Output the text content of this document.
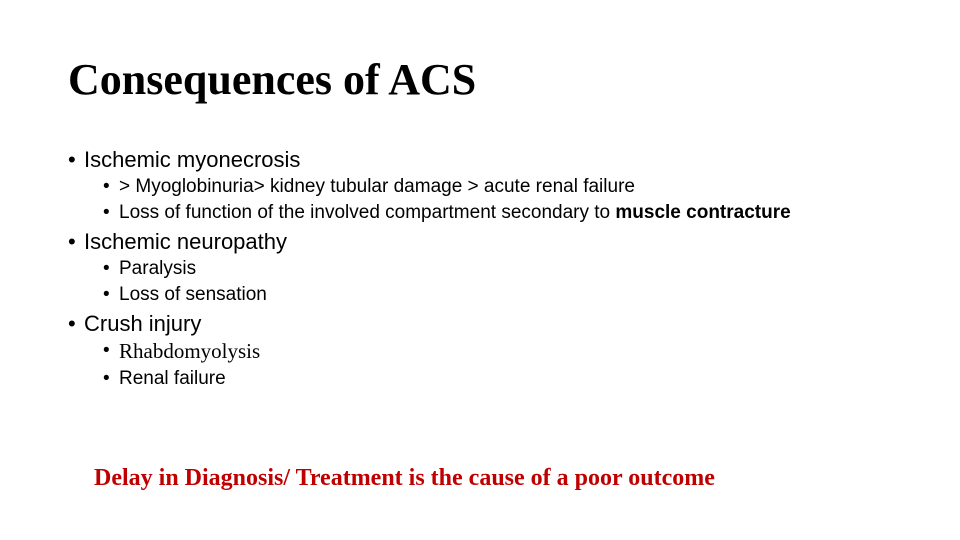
Consequences of ACS
• Ischemic myonecrosis
• > Myoglobinuria> kidney tubular damage > acute renal failure
• Loss of function of the involved compartment secondary to muscle contracture
• Ischemic neuropathy
• Paralysis
• Loss of sensation
• Crush injury
• Rhabdomyolysis
• Renal failure

Delay in Diagnosis/ Treatment is the cause of a poor outcome
